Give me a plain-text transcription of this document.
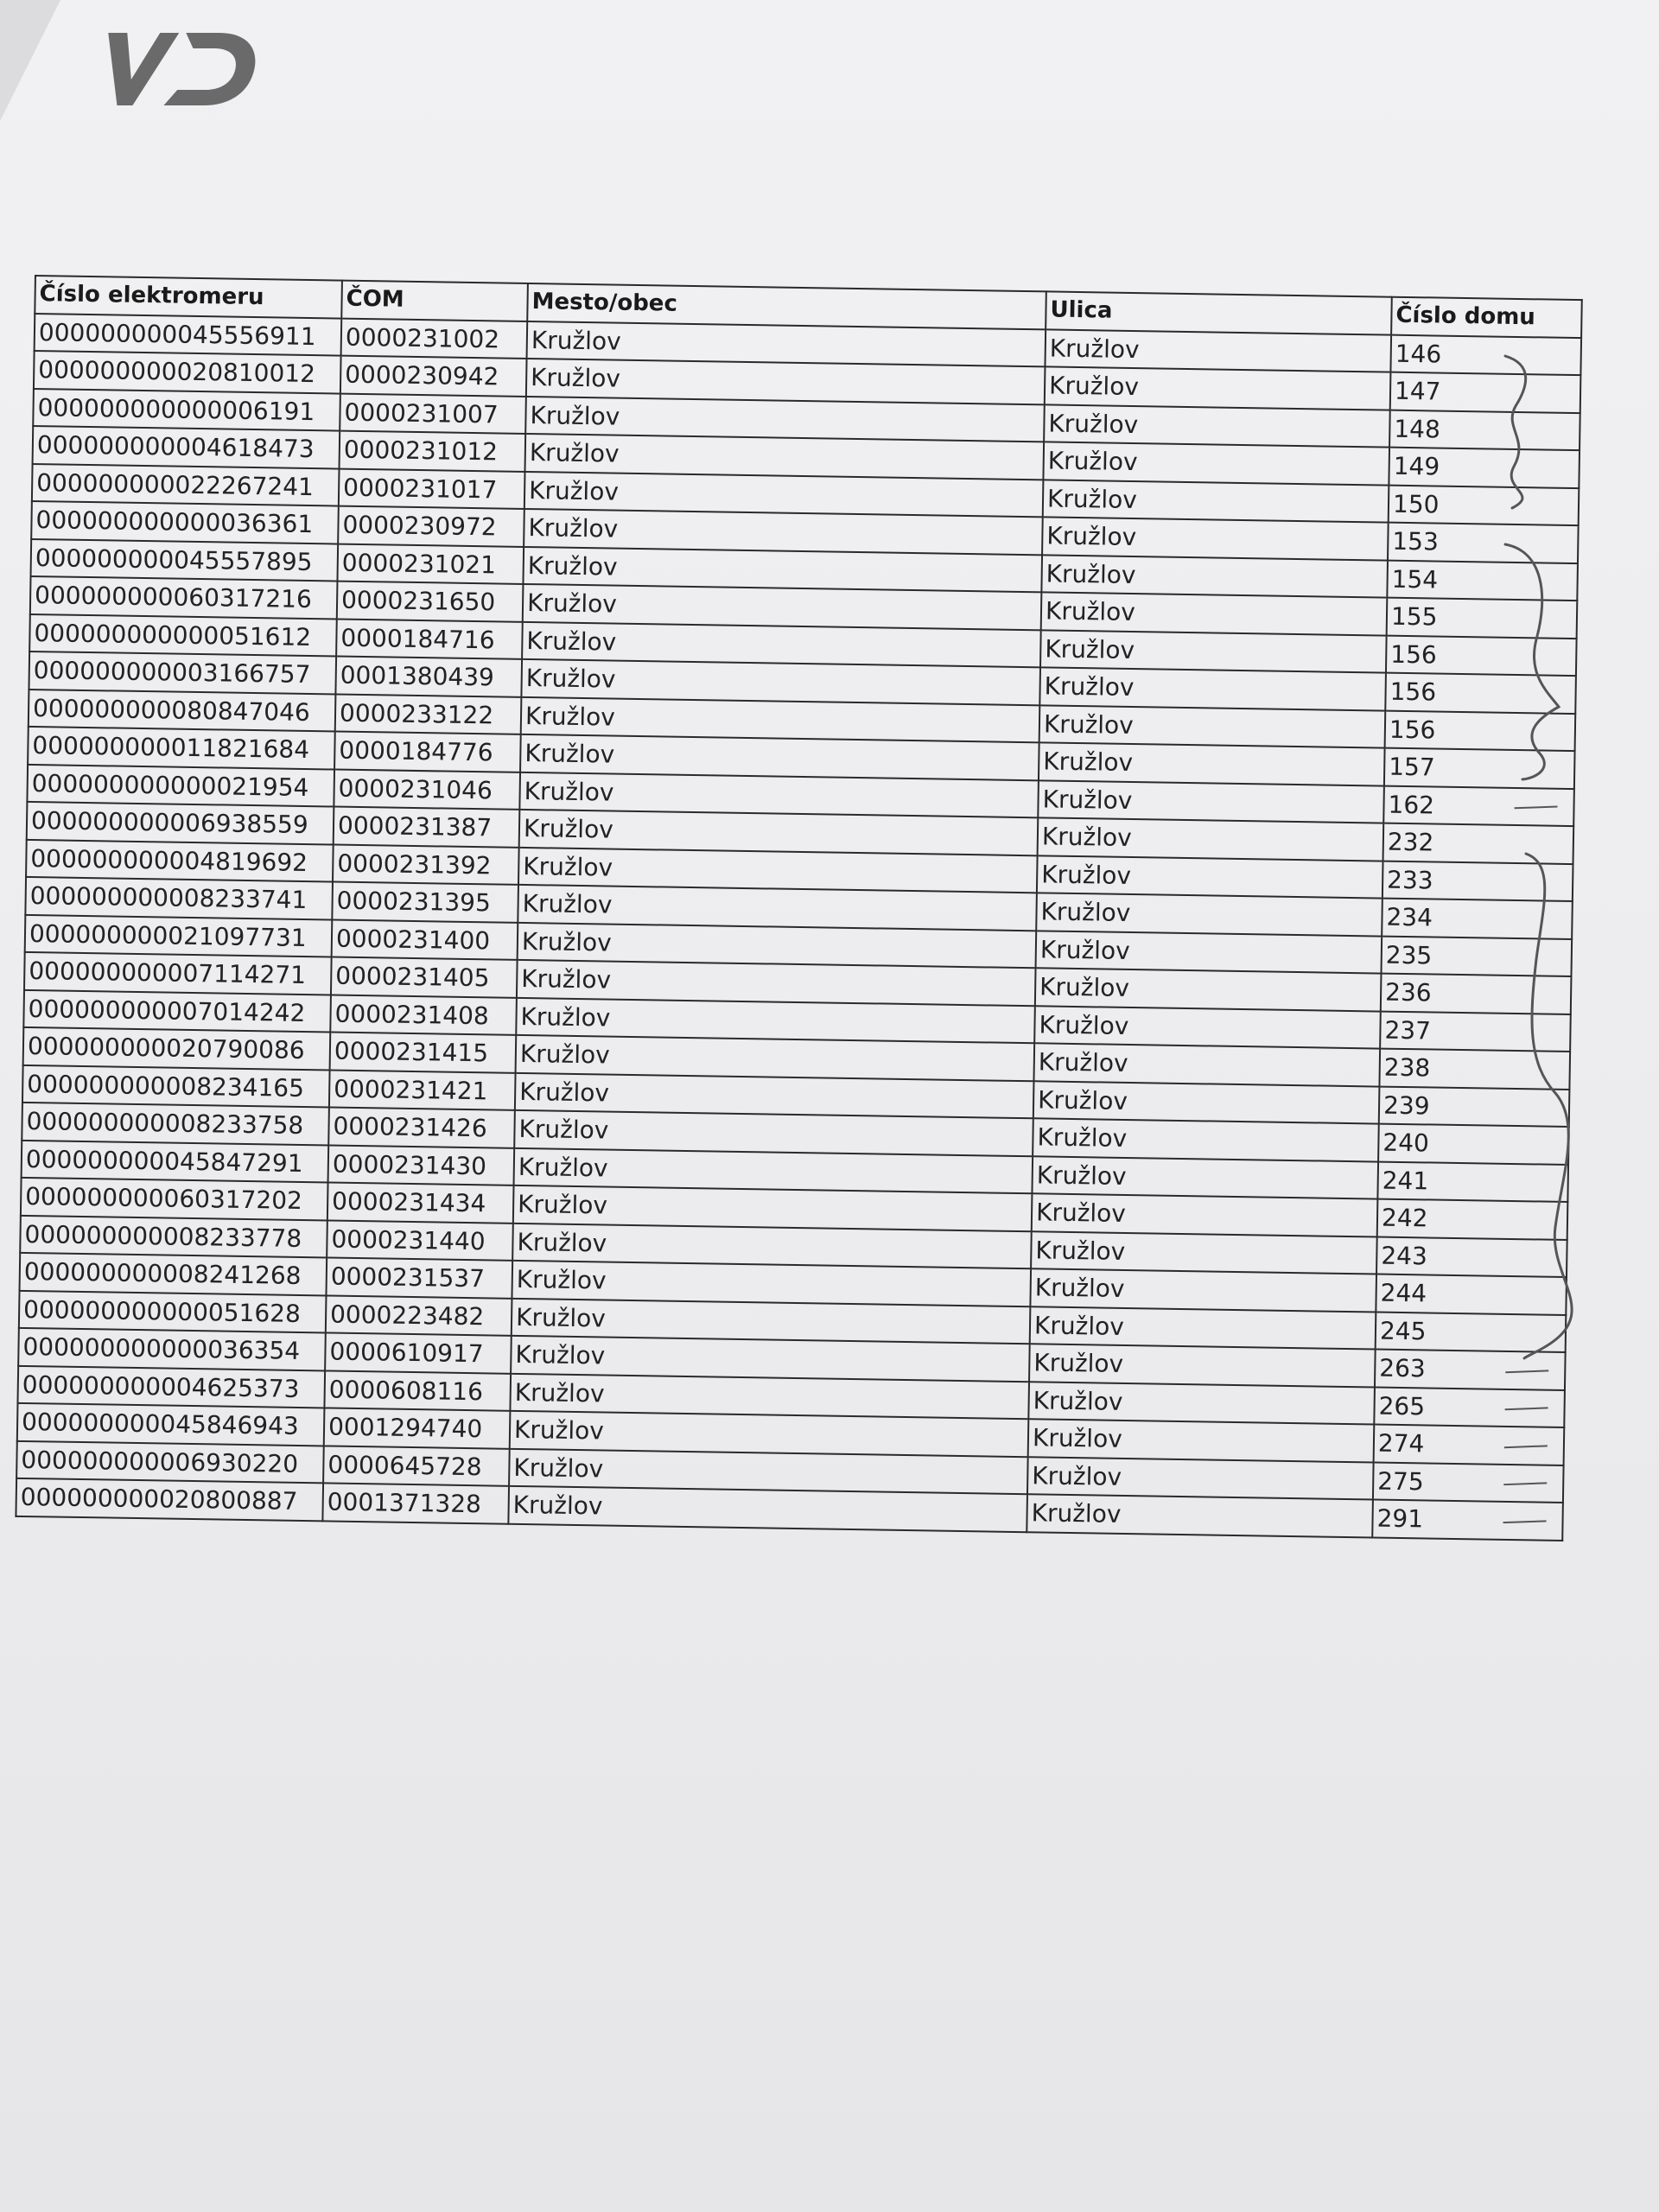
Číslo elektromeru	ČOM	Mesto/obec	Ulica	Číslo domu
000000000045556911	0000231002	Kružlov	Kružlov	146
000000000020810012	0000230942	Kružlov	Kružlov	147
000000000000006191	0000231007	Kružlov	Kružlov	148
000000000004618473	0000231012	Kružlov	Kružlov	149
000000000022267241	0000231017	Kružlov	Kružlov	150
000000000000036361	0000230972	Kružlov	Kružlov	153
000000000045557895	0000231021	Kružlov	Kružlov	154
000000000060317216	0000231650	Kružlov	Kružlov	155
000000000000051612	0000184716	Kružlov	Kružlov	156
000000000003166757	0001380439	Kružlov	Kružlov	156
000000000080847046	0000233122	Kružlov	Kružlov	156
000000000011821684	0000184776	Kružlov	Kružlov	157
000000000000021954	0000231046	Kružlov	Kružlov	162

000000000006938559	0000231387	Kružlov	Kružlov	232
000000000004819692	0000231392	Kružlov	Kružlov	233
000000000008233741	0000231395	Kružlov	Kružlov	234
000000000021097731	0000231400	Kružlov	Kružlov	235
000000000007114271	0000231405	Kružlov	Kružlov	236
000000000007014242	0000231408	Kružlov	Kružlov	237
000000000020790086	0000231415	Kružlov	Kružlov	238
000000000008234165	0000231421	Kružlov	Kružlov	239
000000000008233758	0000231426	Kružlov	Kružlov	240
000000000045847291	0000231430	Kružlov	Kružlov	241
000000000060317202	0000231434	Kružlov	Kružlov	242
000000000008233778	0000231440	Kružlov	Kružlov	243
000000000008241268	0000231537	Kružlov	Kružlov	244
000000000000051628	0000223482	Kružlov	Kružlov	245
000000000000036354	0000610917	Kružlov	Kružlov	263

000000000004625373	0000608116	Kružlov	Kružlov	265

000000000045846943	0001294740	Kružlov	Kružlov	274

000000000006930220	0000645728	Kružlov	Kružlov	275

000000000020800887	0001371328	Kružlov	Kružlov	291
